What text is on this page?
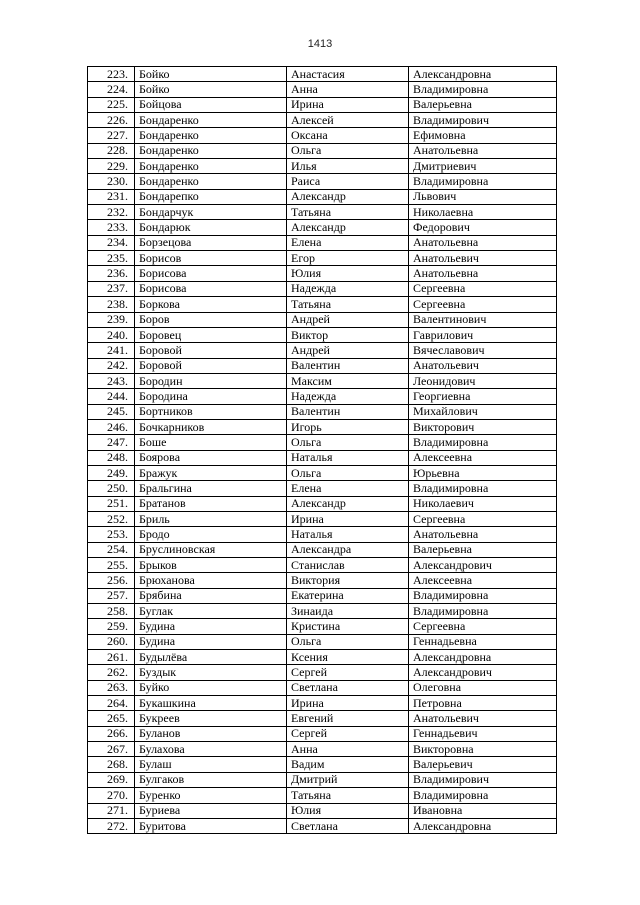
1413
223.	Бойко	Анастасия	Александровна
224.	Бойко	Анна	Владимировна
225.	Бойцова	Ирина	Валерьевна
226.	Бондаренко	Алексей	Владимирович
227.	Бондаренко	Оксана	Ефимовна
228.	Бондаренко	Ольга	Анатольевна
229.	Бондаренко	Илья	Дмитриевич
230.	Бондаренко	Раиса	Владимировна
231.	Бондарепко	Александр	Львович
232.	Бондарчук	Татьяна	Николаевна
233.	Бондарюк	Александр	Федорович
234.	Борзецова	Елена	Анатольевна
235.	Борисов	Егор	Анатольевич
236.	Борисова	Юлия	Анатольевна
237.	Борисова	Надежда	Сергеевна
238.	Боркова	Татьяна	Сергеевна
239.	Боров	Андрей	Валентинович
240.	Боровец	Виктор	Гаврилович
241.	Боровой	Андрей	Вячеславович
242.	Боровой	Валентин	Анатольевич
243.	Бородин	Максим	Леонидович
244.	Бородина	Надежда	Георгиевна
245.	Бортников	Валентин	Михайлович
246.	Бочкарников	Игорь	Викторович
247.	Боше	Ольга	Владимировна
248.	Боярова	Наталья	Алексеевна
249.	Бражук	Ольга	Юрьевна
250.	Бральгина	Елена	Владимировна
251.	Братанов	Александр	Николаевич
252.	Бриль	Ирина	Сергеевна
253.	Бродо	Наталья	Анатольевна
254.	Бруслиновская	Александра	Валерьевна
255.	Брыков	Станислав	Александрович
256.	Брюханова	Виктория	Алексеевна
257.	Брябина	Екатерина	Владимировна
258.	Буглак	Зинаида	Владимировна
259.	Будина	Кристина	Сергеевна
260.	Будина	Ольга	Геннадьевна
261.	Будылёва	Ксения	Александровна
262.	Буздык	Сергей	Александрович
263.	Буйко	Светлана	Олеговна
264.	Букашкина	Ирина	Петровна
265.	Букреев	Евгений	Анатольевич
266.	Буланов	Сергей	Геннадьевич
267.	Булахова	Анна	Викторовна
268.	Булаш	Вадим	Валерьевич
269.	Булгаков	Дмитрий	Владимирович
270.	Буренко	Татьяна	Владимировна
271.	Буриева	Юлия	Ивановна
272.	Буритова	Светлана	Александровна
